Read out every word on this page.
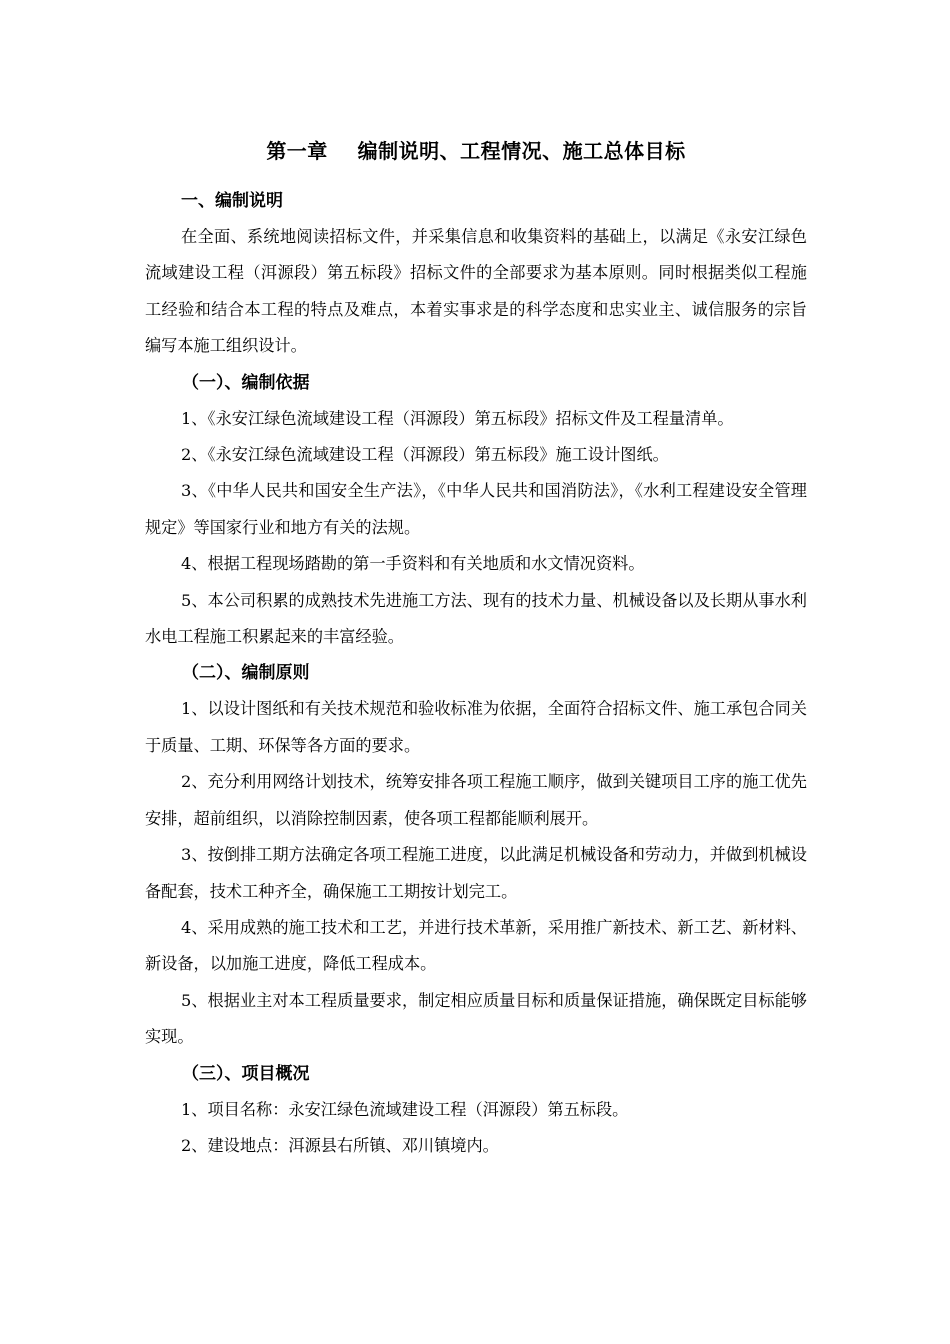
第一章    编制说明、工程情况、施工总体目标
一、编制说明

在全面、系统地阅读招标文件，并采集信息和收集资料的基础上，以满足《永安江绿色流域建设工程（洱源段）第五标段》招标文件的全部要求为基本原则。同时根据类似工程施工经验和结合本工程的特点及难点，本着实事求是的科学态度和忠实业主、诚信服务的宗旨编写本施工组织设计。

（一）、编制依据

1、《永安江绿色流域建设工程（洱源段）第五标段》招标文件及工程量清单。

2、《永安江绿色流域建设工程（洱源段）第五标段》施工设计图纸。

3、《中华人民共和国安全生产法》，《中华人民共和国消防法》，《水利工程建设安全管理规定》等国家行业和地方有关的法规。

4、根据工程现场踏勘的第一手资料和有关地质和水文情况资料。

5、本公司积累的成熟技术先进施工方法、现有的技术力量、机械设备以及长期从事水利水电工程施工积累起来的丰富经验。

（二）、编制原则

1、以设计图纸和有关技术规范和验收标准为依据，全面符合招标文件、施工承包合同关于质量、工期、环保等各方面的要求。

2、充分利用网络计划技术，统筹安排各项工程施工顺序，做到关键项目工序的施工优先安排，超前组织，以消除控制因素，使各项工程都能顺利展开。

3、按倒排工期方法确定各项工程施工进度，以此满足机械设备和劳动力，并做到机械设备配套，技术工种齐全，确保施工工期按计划完工。

4、采用成熟的施工技术和工艺，并进行技术革新，采用推广新技术、新工艺、新材料、新设备，以加施工进度，降低工程成本。

5、根据业主对本工程质量要求，制定相应质量目标和质量保证措施，确保既定目标能够实现。

（三）、项目概况

1、项目名称：永安江绿色流域建设工程（洱源段）第五标段。

2、建设地点：洱源县右所镇、邓川镇境内。
